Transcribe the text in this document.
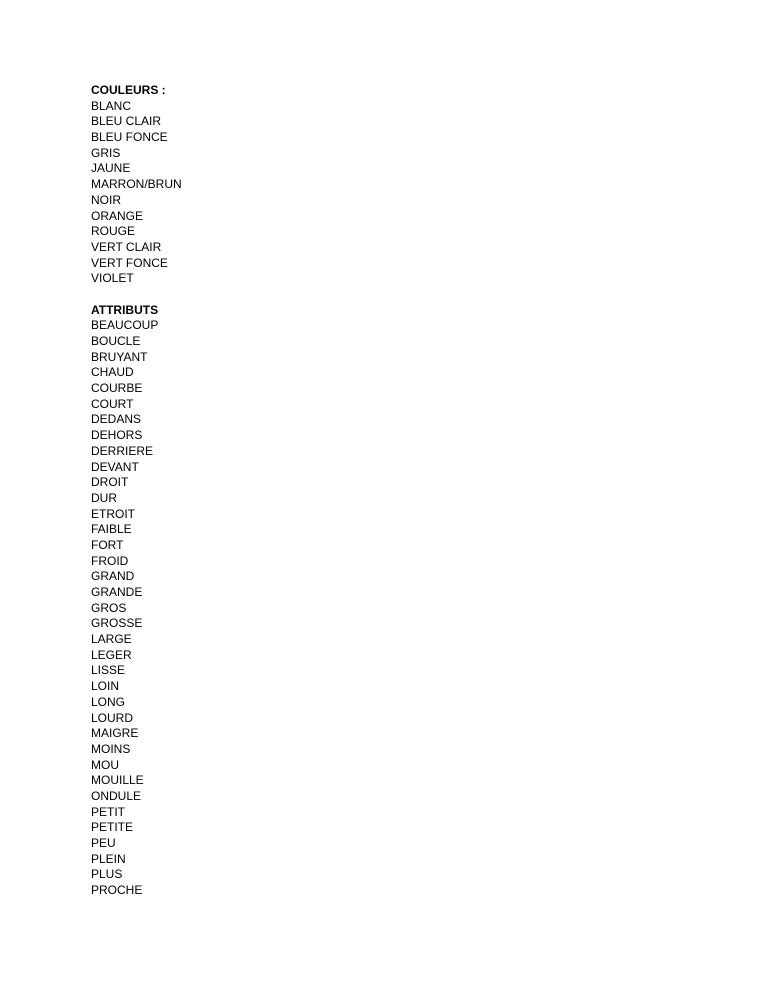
COULEURS :

BLANC
BLEU CLAIR
BLEU FONCE
GRIS
JAUNE
MARRON/BRUN
NOIR
ORANGE
ROUGE
VERT CLAIR
VERT FONCE
VIOLET

ATTRIBUTS

BEAUCOUP
BOUCLE
BRUYANT
CHAUD
COURBE
COURT
DEDANS
DEHORS
DERRIERE
DEVANT
DROIT
DUR
ETROIT
FAIBLE
FORT
FROID
GRAND
GRANDE
GROS
GROSSE
LARGE
LEGER
LISSE
LOIN
LONG
LOURD
MAIGRE
MOINS
MOU
MOUILLE
ONDULE
PETIT
PETITE
PEU
PLEIN
PLUS
PROCHE
